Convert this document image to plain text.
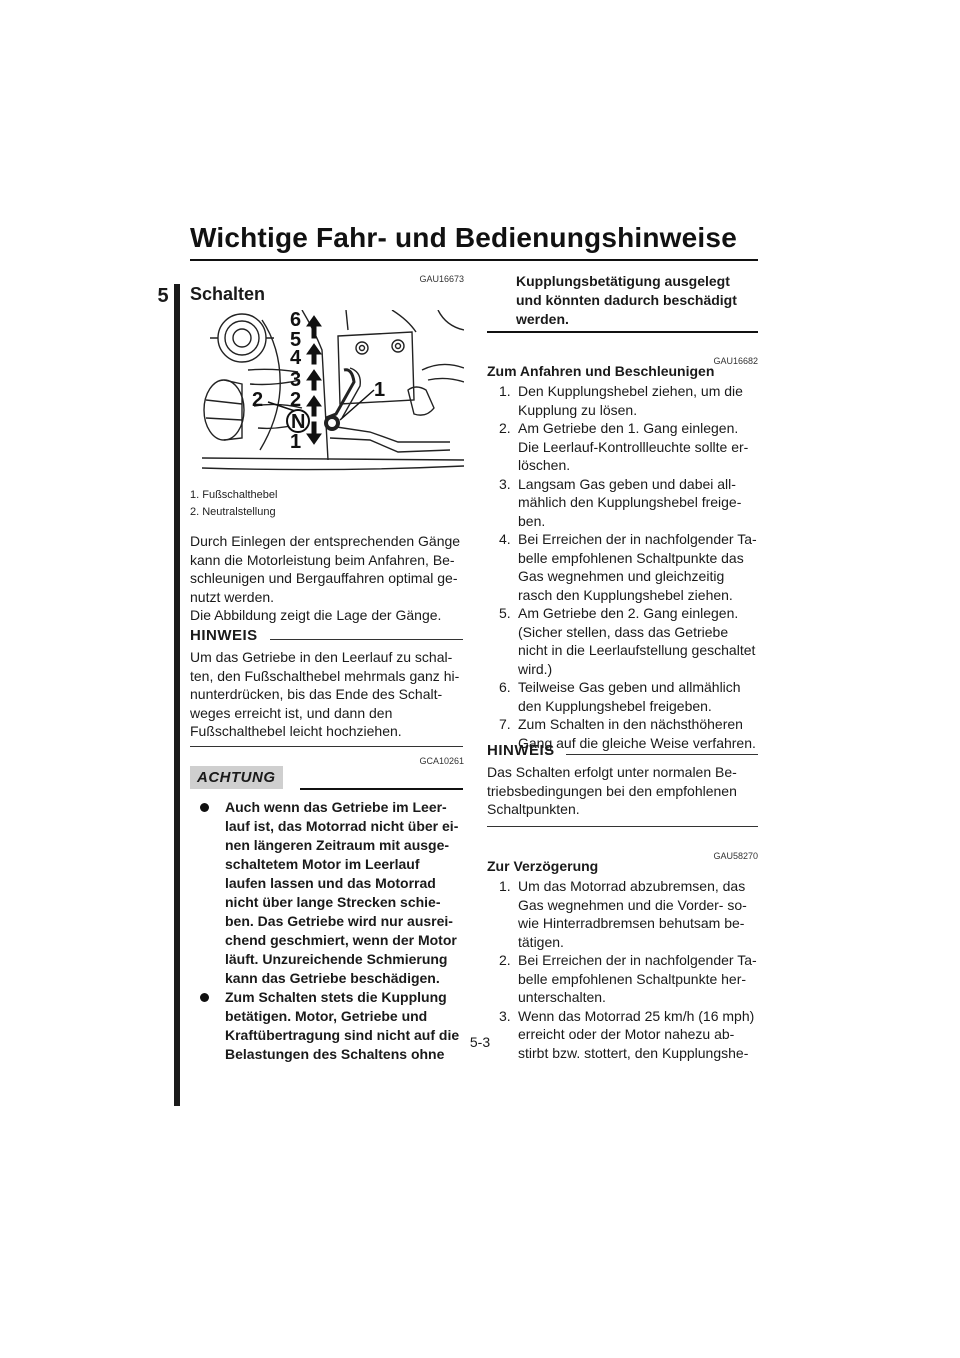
Wichtige Fahr- und Bedienungshinweise
5
GAU16673
Schalten
N
6
5
4
3
2
1
1
2
1. Fußschalthebel
2. Neutralstellung

Durch Einlegen der entsprechenden Gänge

kann die Motorleistung beim Anfahren, Be-

schleunigen und Bergauffahren optimal ge-

nutzt werden.

Die Abbildung zeigt die Lage der Gänge.

HINWEIS

Um das Getriebe in den Leerlauf zu schal-

ten, den Fußschalthebel mehrmals ganz hi-

nunterdrücken, bis das Ende des Schalt-

weges erreicht ist, und dann den

Fußschalthebel leicht hochziehen.

GCA10261
ACHTUNG
Auch wenn das Getriebe im Leer-
lauf ist, das Motorrad nicht über ei-
nen längeren Zeitraum mit ausge-
schaltetem Motor im Leerlauf
laufen lassen und das Motorrad
nicht über lange Strecken schie-
ben. Das Getriebe wird nur ausrei-
chend geschmiert, wenn der Motor
läuft. Unzureichende Schmierung
kann das Getriebe beschädigen.
Zum Schalten stets die Kupplung
betätigen. Motor, Getriebe und
Kraftübertragung sind nicht auf die
Belastungen des Schaltens ohne
Kupplungsbetätigung ausgelegt
und könnten dadurch beschädigt
werden.
GAU16682
Zum Anfahren und Beschleunigen
1. Den Kupplungshebel ziehen, um die
Kupplung zu lösen.
2. Am Getriebe den 1. Gang einlegen.
Die Leerlauf-Kontrollleuchte sollte er-
löschen.
3. Langsam Gas geben und dabei all-
mählich den Kupplungshebel freige-
ben.
4. Bei Erreichen der in nachfolgender Ta-
belle empfohlenen Schaltpunkte das
Gas wegnehmen und gleichzeitig
rasch den Kupplungshebel ziehen.
5. Am Getriebe den 2. Gang einlegen.
(Sicher stellen, dass das Getriebe
nicht in die Leerlaufstellung geschaltet
wird.)
6. Teilweise Gas geben und allmählich
den Kupplungshebel freigeben.
7. Zum Schalten in den nächsthöheren
Gang auf die gleiche Weise verfahren.
HINWEIS

Das Schalten erfolgt unter normalen Be-

triebsbedingungen bei den empfohlenen

Schaltpunkten.

GAU58270
Zur Verzögerung
1. Um das Motorrad abzubremsen, das
Gas wegnehmen und die Vorder- so-
wie Hinterradbremsen behutsam be-
tätigen.
2. Bei Erreichen der in nachfolgender Ta-
belle empfohlenen Schaltpunkte her-
unterschalten.
3. Wenn das Motorrad 25 km/h (16 mph)
erreicht oder der Motor nahezu ab-
stirbt bzw. stottert, den Kupplungshe-
5-3
